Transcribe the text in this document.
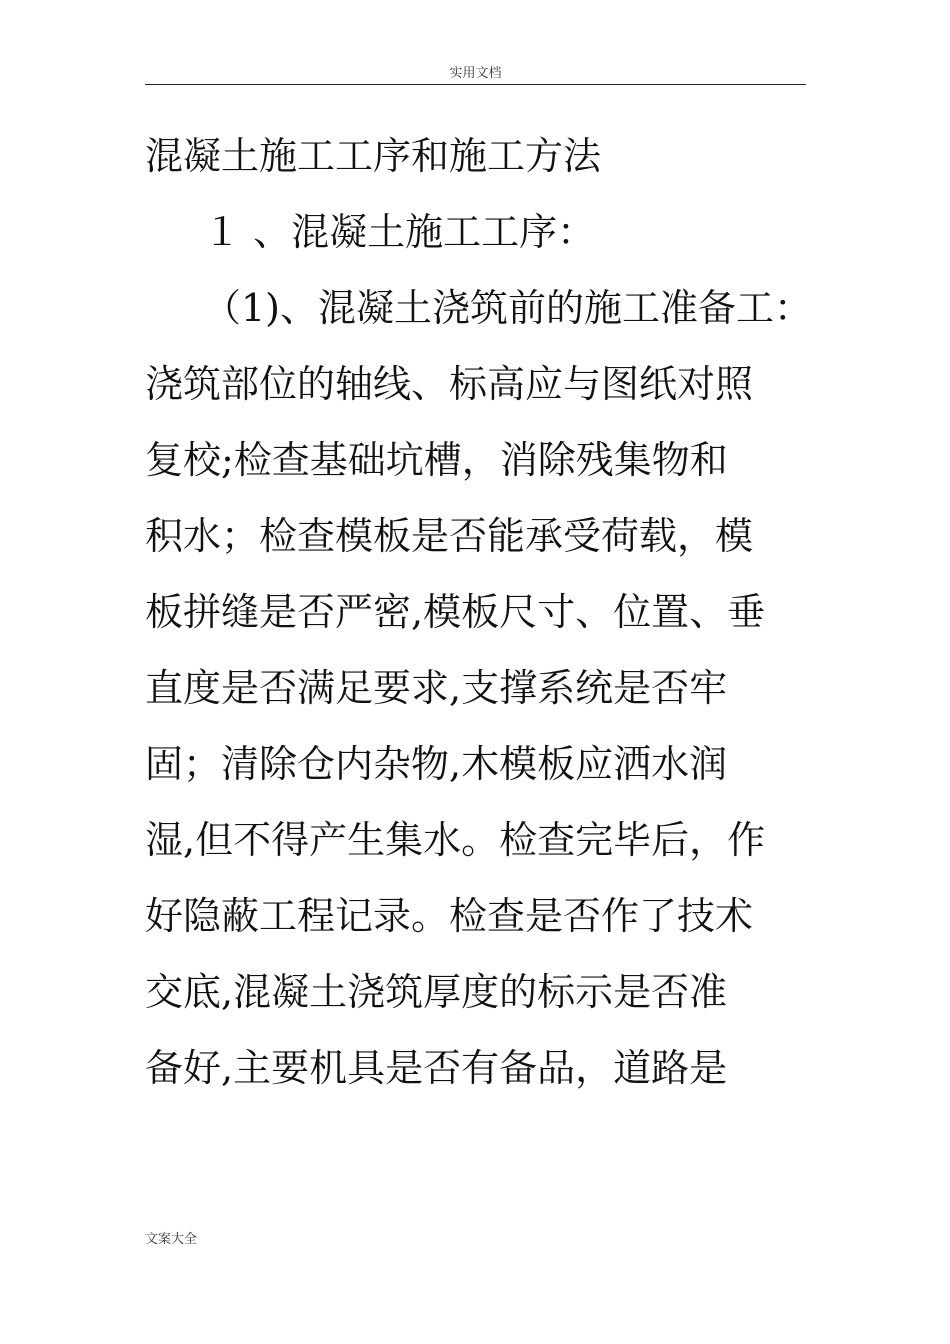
实用文档
混凝土施工工序和施工方法
１ 、混凝土施工工序：
（1)、混凝土浇筑前的施工准备工：
浇筑部位的轴线、标高应与图纸对照
复校;检查基础坑槽，消除残集物和
积水；检查模板是否能承受荷载，模
板拼缝是否严密,模板尺寸、位置、垂
直度是否满足要求,支撑系统是否牢
固；清除仓内杂物,木模板应洒水润
湿,但不得产生集水。检查完毕后，作
好隐蔽工程记录。检查是否作了技术
交底,混凝土浇筑厚度的标示是否准
备好,主要机具是否有备品，道路是
文案大全
